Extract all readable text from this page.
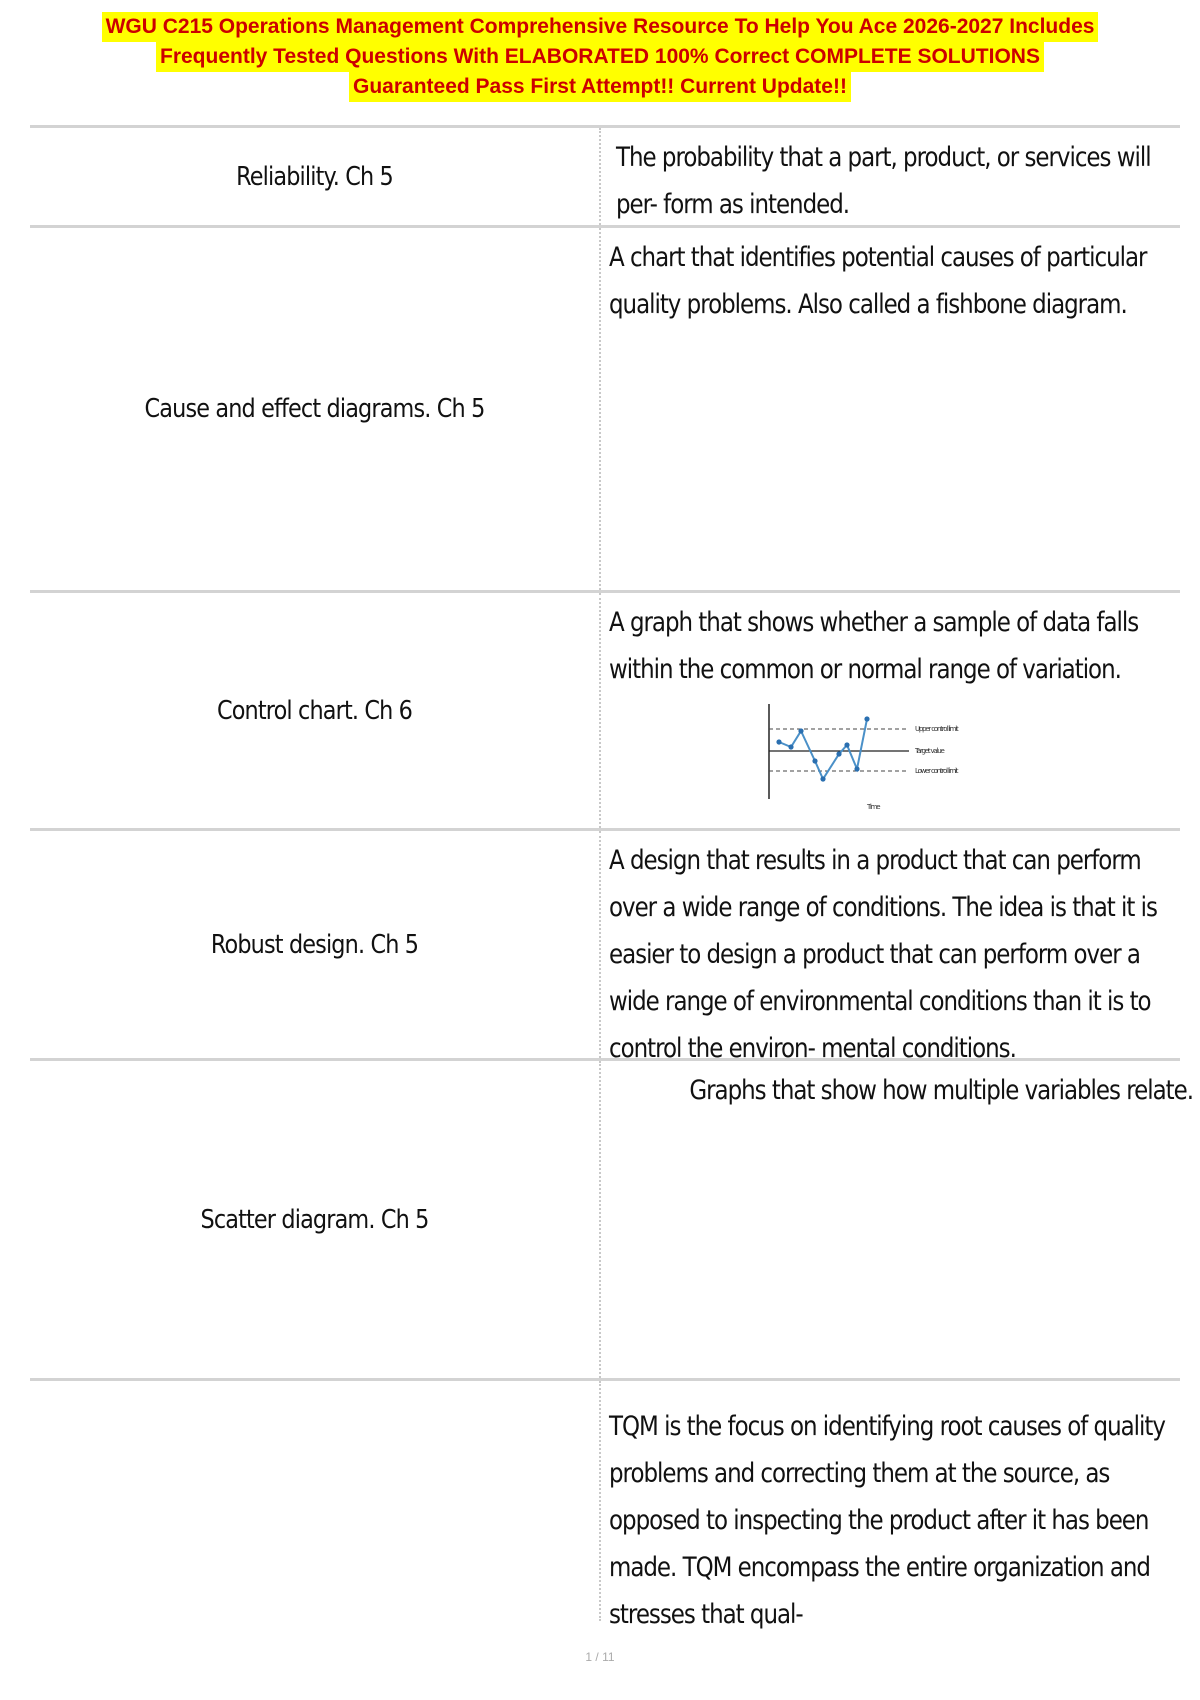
WGU C215 Operations Management Comprehensive Resource To Help You Ace 2026-2027 Includes
Frequently Tested Questions With ELABORATED 100% Correct COMPLETE SOLUTIONS
Guaranteed Pass First Attempt!! Current Update!!
Reliability. Ch 5
The probability that a part, product, or services will per- form as intended.
Cause and effect diagrams. Ch 5
A chart that identifies potential causes of particular quality problems. Also called a fishbone diagram.
Control chart. Ch 6
A graph that shows whether a sample of data falls within the common or normal range of variation.
Upper control limit
Target value
Lower control limit
Time
Robust design. Ch 5
A design that results in a product that can perform over a wide range of conditions. The idea is that it is easier to design a product that can perform over a wide range of environmental conditions than it is to control the environ- mental conditions.
Scatter diagram. Ch 5
Graphs that show how multiple variables relate.
TQM is the focus on identifying root causes of quality problems and correcting them at the source, as opposed to inspecting the product after it has been made. TQM encompass the entire organization and stresses that qual-
1 / 11
